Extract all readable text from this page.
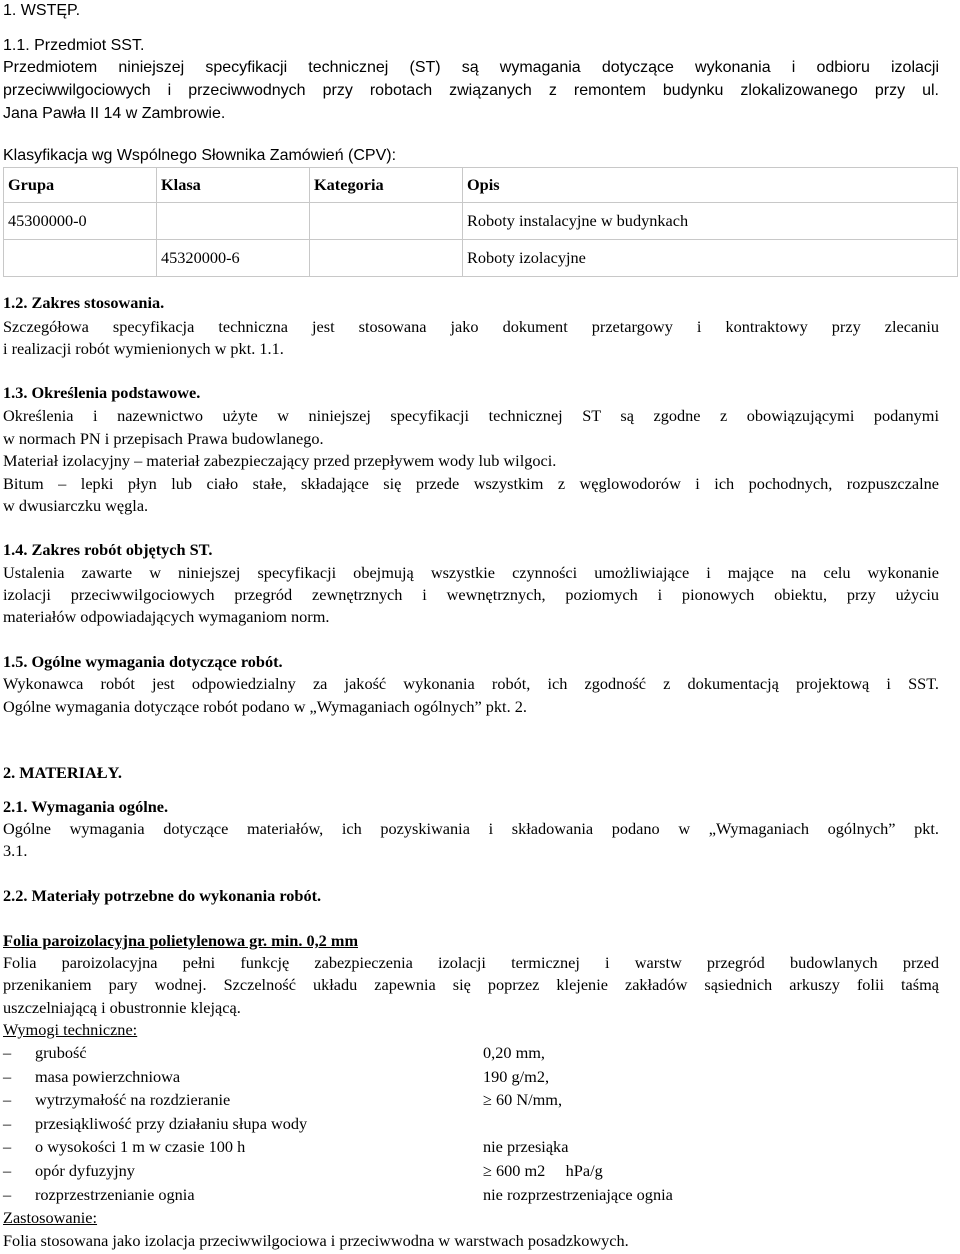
1. WSTĘP.
1.1. Przedmiot SST.
Przedmiotem niniejszej specyfikacji technicznej (ST) są wymagania dotyczące wykonania i odbioru izolacji
przeciwwilgociowych i przeciwwodnych przy robotach związanych z remontem budynku zlokalizowanego przy ul.
Jana Pawła II 14 w Zambrowie.
Klasyfikacja wg Wspólnego Słownika Zamówień (CPV):
Grupa	Klasa	Kategoria	Opis
45300000-0			Roboty instalacyjne w budynkach
	45320000-6		Roboty izolacyjne
1.2. Zakres stosowania.
Szczegółowa specyfikacja techniczna jest stosowana jako dokument przetargowy i kontraktowy przy zlecaniu
i realizacji robót wymienionych w pkt. 1.1.
1.3. Określenia podstawowe.
Określenia i nazewnictwo użyte w niniejszej specyfikacji technicznej ST są zgodne z obowiązującymi podanymi
w normach PN i przepisach Prawa budowlanego.
Materiał izolacyjny – materiał zabezpieczający przed przepływem wody lub wilgoci.
Bitum – lepki płyn lub ciało stałe, składające się przede wszystkim z węglowodorów i ich pochodnych, rozpuszczalne
w dwusiarczku węgla.
1.4. Zakres robót objętych ST.
Ustalenia zawarte w niniejszej specyfikacji obejmują wszystkie czynności umożliwiające i mające na celu wykonanie
izolacji przeciwwilgociowych przegród zewnętrznych i wewnętrznych, poziomych i pionowych obiektu, przy użyciu
materiałów odpowiadających wymaganiom norm.
1.5. Ogólne wymagania dotyczące robót.
Wykonawca robót jest odpowiedzialny za jakość wykonania robót, ich zgodność z dokumentacją projektową i SST.
Ogólne wymagania dotyczące robót podano w „Wymaganiach ogólnych” pkt. 2.
2. MATERIAŁY.
2.1. Wymagania ogólne.
Ogólne wymagania dotyczące materiałów, ich pozyskiwania i składowania podano w „Wymaganiach ogólnych” pkt.
3.1.
2.2. Materiały potrzebne do wykonania robót.
Folia paroizolacyjna polietylenowa gr. min. 0,2 mm
Folia paroizolacyjna pełni funkcję zabezpieczenia izolacji termicznej i warstw przegród budowlanych przed
przenikaniem pary wodnej. Szczelność układu zapewnia się poprzez klejenie zakładów sąsiednich arkuszy folii taśmą
uszczelniającą i obustronnie klejącą.
Wymogi techniczne:
– grubość	0,20 mm,
– masa powierzchniowa	190 g/m2,
– wytrzymałość na rozdzieranie	≥ 60 N/mm,
– przesiąkliwość przy działaniu słupa wody
– o wysokości 1 m w czasie 100 h	nie przesiąka
– opór dyfuzyjny	≥ 600 m2     hPa/g
– rozprzestrzenianie ognia	nie rozprzestrzeniające ognia
Zastosowanie:
Folia stosowana jako izolacja przeciwwilgociowa i przeciwwodna w warstwach posadzkowych.
